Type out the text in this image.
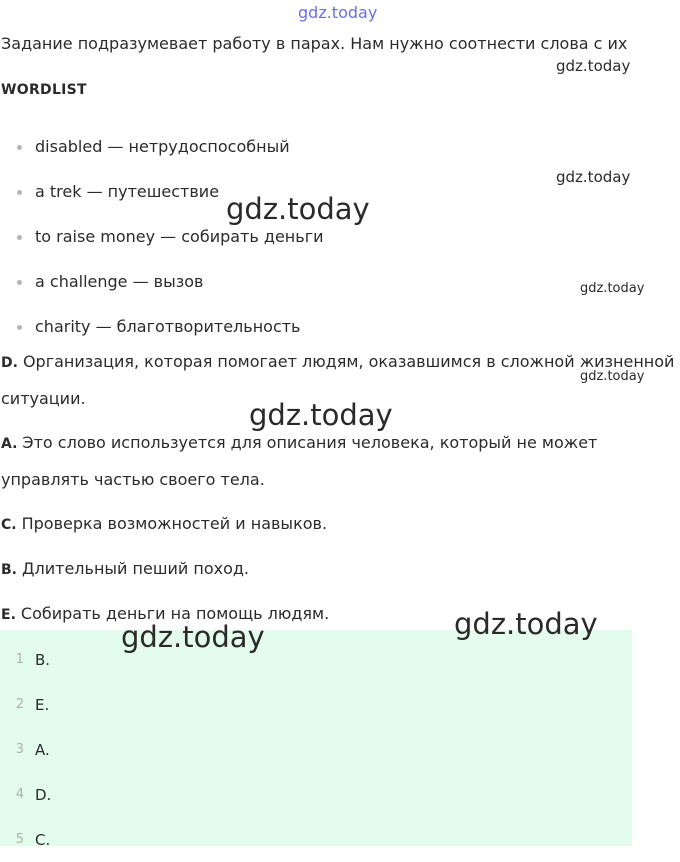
Задание подразумевает работу в парах. Нам нужно соотнести слова с их
WORDLIST
disabled — нетрудоспособный
a trek — путешествие
to raise money — собирать деньги
a challenge — вызов
charity — благотворительность
D. Организация, которая помогает людям, оказавшимся в сложной жизненной
ситуации.
A. Это слово используется для описания человека, который не может
управлять частью своего тела.
C. Проверка возможностей и навыков.
B. Длительный пеший поход.
E. Собирать деньги на помощь людям.
1 B.
2 E.
3 A.
4 D.
5 C.
gdz.today
gdz.today
gdz.today
gdz.today
gdz.today
gdz.today
gdz.today
gdz.today	gdz.today
